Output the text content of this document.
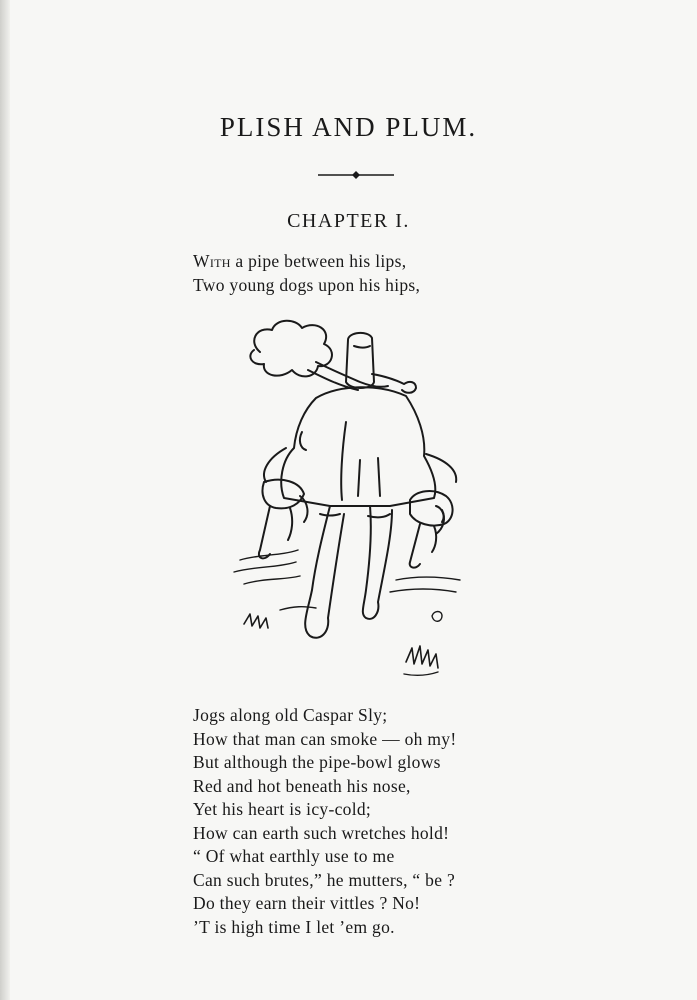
PLISH AND PLUM.
CHAPTER I.
With a pipe between his lips,
Two young dogs upon his hips,
Jogs along old Caspar Sly;
How that man can smoke — oh my!
But although the pipe-bowl glows
Red and hot beneath his nose,
Yet his heart is icy-cold;
How can earth such wretches hold!
“ Of what earthly use to me
Can such brutes,” he mutters, “ be ?
Do they earn their vittles ? No!
’T is high time I let ’em go.
